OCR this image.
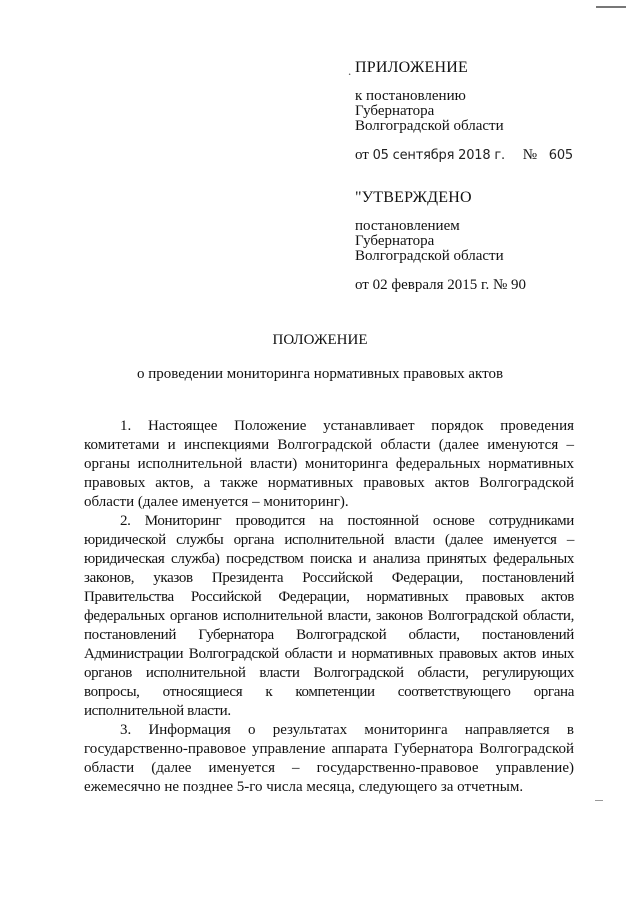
. ПРИЛОЖЕНИЕ
к постановлению
Губернатора
Волгоградской области
от 05 сентября 2018 г. № 605
"УТВЕРЖДЕНО
постановлением
Губернатора
Волгоградской области
от 02 февраля 2015 г. № 90
ПОЛОЖЕНИЕ
о проведении мониторинга нормативных правовых актов

1. Настоящее Положение устанавливает порядок проведения комитетами и инспекциями Волгоградской области (далее именуются – органы исполнительной власти) мониторинга федеральных нормативных правовых актов, а также нормативных правовых актов Волгоградской области (далее именуется – мониторинг).

2. Мониторинг проводится на постоянной основе сотрудниками юридической службы органа исполнительной власти (далее именуется – юридическая служба) посредством поиска и анализа принятых федеральных законов, указов Президента Российской Федерации, постановлений Правительства Российской Федерации, нормативных правовых актов федеральных органов исполнительной власти, законов Волгоградской области, постановлений Губернатора Волгоградской области, постановлений Администрации Волгоградской области и нормативных правовых актов иных органов исполнительной власти Волгоградской области, регулирующих вопросы, относящиеся к компетенции соответствующего органа исполнительной власти.

3. Информация о результатах мониторинга направляется в государственно-правовое управление аппарата Губернатора Волгоградской области (далее именуется – государственно-правовое управление) ежемесячно не позднее 5-го числа месяца, следующего за отчетным.
